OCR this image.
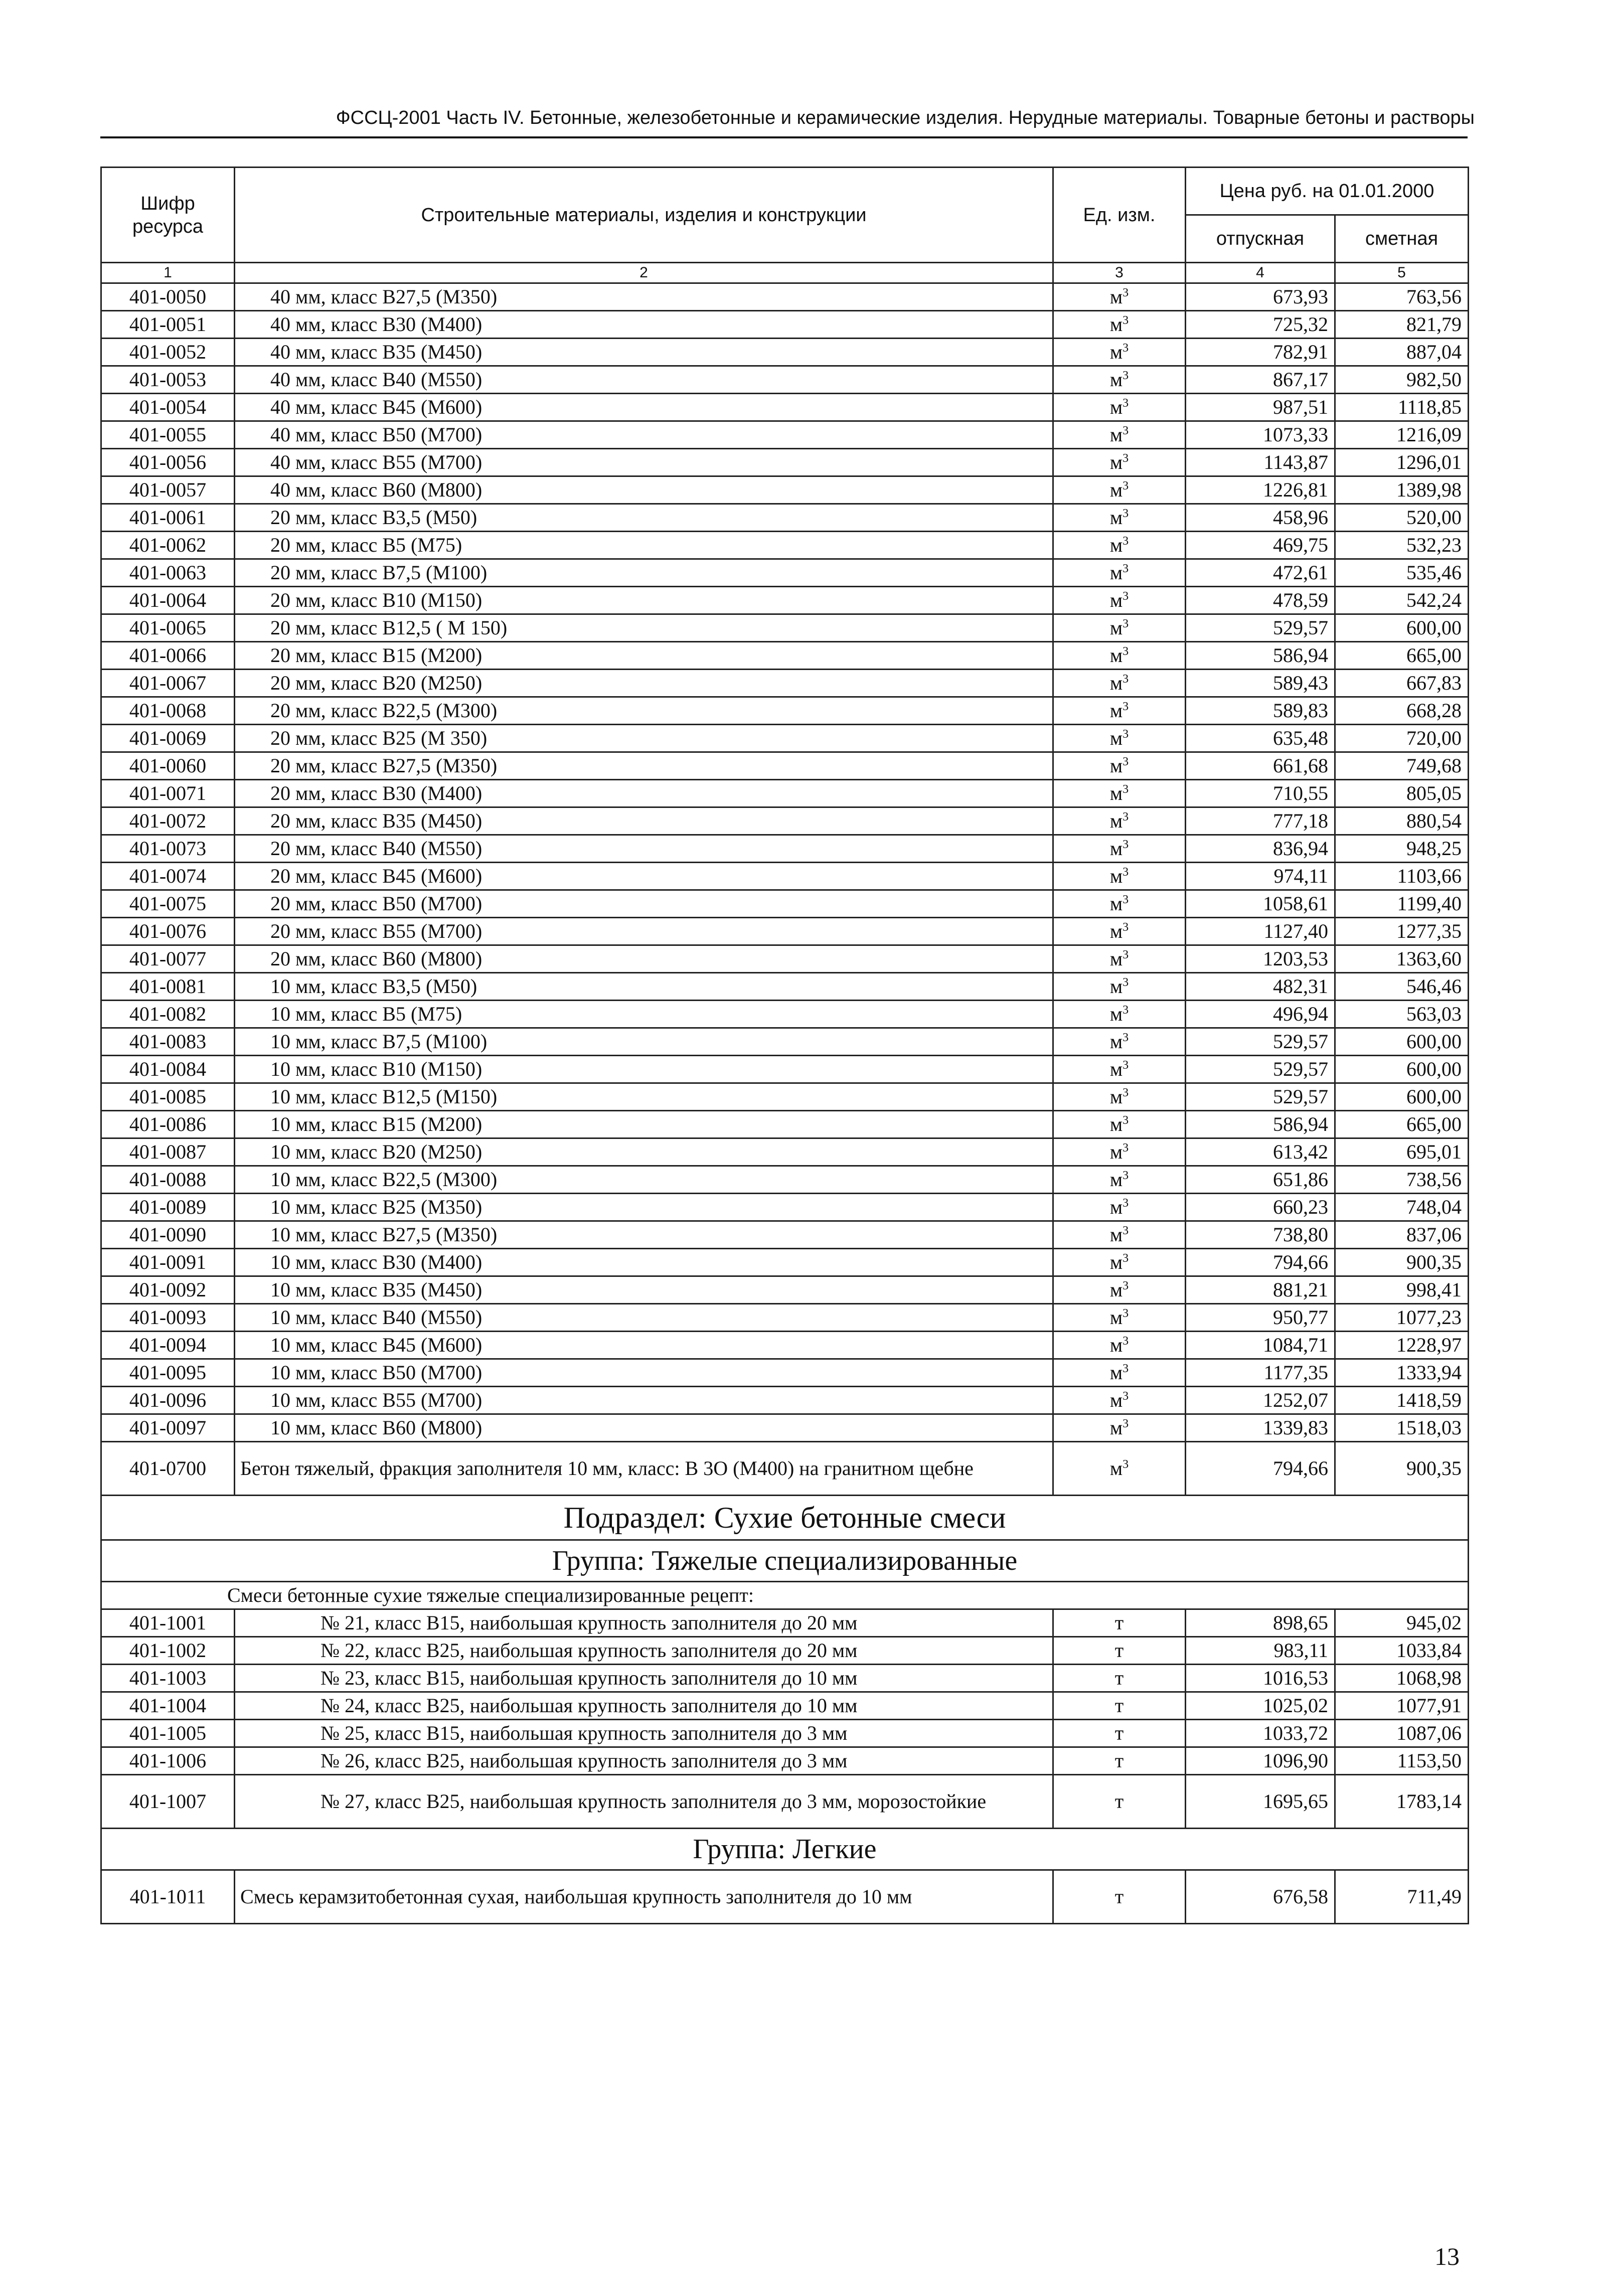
ФССЦ-2001 Часть IV. Бетонные, железобетонные и керамические изделия. Нерудные материалы. Товарные бетоны и растворы
Шифр ресурса	Строительные материалы, изделия и конструкции	Ед. изм.	Цена руб. на 01.01.2000	
			отпускная	сметная
1	2	3	4	5
401-0050	40 мм, класс В27,5 (М350)	$м^3$	673,93	763,56
401-0051	40 мм, класс В30 (М400)	$м^3$	725,32	821,79
401-0052	40 мм, класс В35 (М450)	$м^3$	782,91	887,04
401-0053	40 мм, класс В40 (М550)	$м^3$	867,17	982,50
401-0054	40 мм, класс В45 (М600)	$м^3$	987,51	1118,85
401-0055	40 мм, класс В50 (М700)	$м^3$	1073,33	1216,09
401-0056	40 мм, класс В55 (М700)	$м^3$	1143,87	1296,01
401-0057	40 мм, класс В60 (М800)	$м^3$	1226,81	1389,98
401-0061	20 мм, класс В3,5 (М50)	$м^3$	458,96	520,00
401-0062	20 мм, класс В5 (М75)	$м^3$	469,75	532,23
401-0063	20 мм, класс В7,5 (М100)	$м^3$	472,61	535,46
401-0064	20 мм, класс В10 (М150)	$м^3$	478,59	542,24
401-0065	20 мм, класс В12,5 ( М 150)	$м^3$	529,57	600,00
401-0066	20 мм, класс В15 (М200)	$м^3$	586,94	665,00
401-0067	20 мм, класс В20 (М250)	$м^3$	589,43	667,83
401-0068	20 мм, класс В22,5 (М300)	$м^3$	589,83	668,28
401-0069	20 мм, класс В25 (М 350)	$м^3$	635,48	720,00
401-0060	20 мм, класс В27,5 (М350)	$м^3$	661,68	749,68
401-0071	20 мм, класс В30 (М400)	$м^3$	710,55	805,05
401-0072	20 мм, класс В35 (М450)	$м^3$	777,18	880,54
401-0073	20 мм, класс В40 (М550)	$м^3$	836,94	948,25
401-0074	20 мм, класс В45 (М600)	$м^3$	974,11	1103,66
401-0075	20 мм, класс В50 (М700)	$м^3$	1058,61	1199,40
401-0076	20 мм, класс В55 (М700)	$м^3$	1127,40	1277,35
401-0077	20 мм, класс В60 (М800)	$м^3$	1203,53	1363,60
401-0081	10 мм, класс В3,5 (М50)	$м^3$	482,31	546,46
401-0082	10 мм, класс В5 (М75)	$м^3$	496,94	563,03
401-0083	10 мм, класс В7,5 (М100)	$м^3$	529,57	600,00
401-0084	10 мм, класс В10 (М150)	$м^3$	529,57	600,00
401-0085	10 мм, класс В12,5 (М150)	$м^3$	529,57	600,00
401-0086	10 мм, класс В15 (М200)	$м^3$	586,94	665,00
401-0087	10 мм, класс В20 (М250)	$м^3$	613,42	695,01
401-0088	10 мм, класс В22,5 (М300)	$м^3$	651,86	738,56
401-0089	10 мм, класс В25 (М350)	$м^3$	660,23	748,04
401-0090	10 мм, класс В27,5 (М350)	$м^3$	738,80	837,06
401-0091	10 мм, класс В30 (М400)	$м^3$	794,66	900,35
401-0092	10 мм, класс В35 (М450)	$м^3$	881,21	998,41
401-0093	10 мм, класс В40 (М550)	$м^3$	950,77	1077,23
401-0094	10 мм, класс В45 (М600)	$м^3$	1084,71	1228,97
401-0095	10 мм, класс В50 (М700)	$м^3$	1177,35	1333,94
401-0096	10 мм, класс В55 (М700)	$м^3$	1252,07	1418,59
401-0097	10 мм, класс В60 (М800)	$м^3$	1339,83	1518,03
401-0700	Бетон тяжелый, фракция заполнителя 10 мм, класс: В 3О (М400) на гранитном щебне	$м^3$	794,66	900,35
Подраздел: Сухие бетонные смеси				
Группа: Тяжелые специализированные				
Смеси бетонные сухие тяжелые специализированные рецепт:				
401-1001	№ 21, класс В15, наибольшая крупность заполнителя до 20 мм	т	898,65	945,02
401-1002	№ 22, класс В25, наибольшая крупность заполнителя до 20 мм	т	983,11	1033,84
401-1003	№ 23, класс В15, наибольшая крупность заполнителя до 10 мм	т	1016,53	1068,98
401-1004	№ 24, класс В25, наибольшая крупность заполнителя до 10 мм	т	1025,02	1077,91
401-1005	№ 25, класс В15, наибольшая крупность заполнителя до 3 мм	т	1033,72	1087,06
401-1006	№ 26, класс В25, наибольшая крупность заполнителя до 3 мм	т	1096,90	1153,50
401-1007	№ 27, класс В25, наибольшая крупность заполнителя до 3 мм, морозостойкие	т	1695,65	1783,14
Группа: Легкие				
401-1011	Смесь керамзитобетонная сухая, наибольшая крупность заполнителя до 10 мм	т	676,58	711,49
13
